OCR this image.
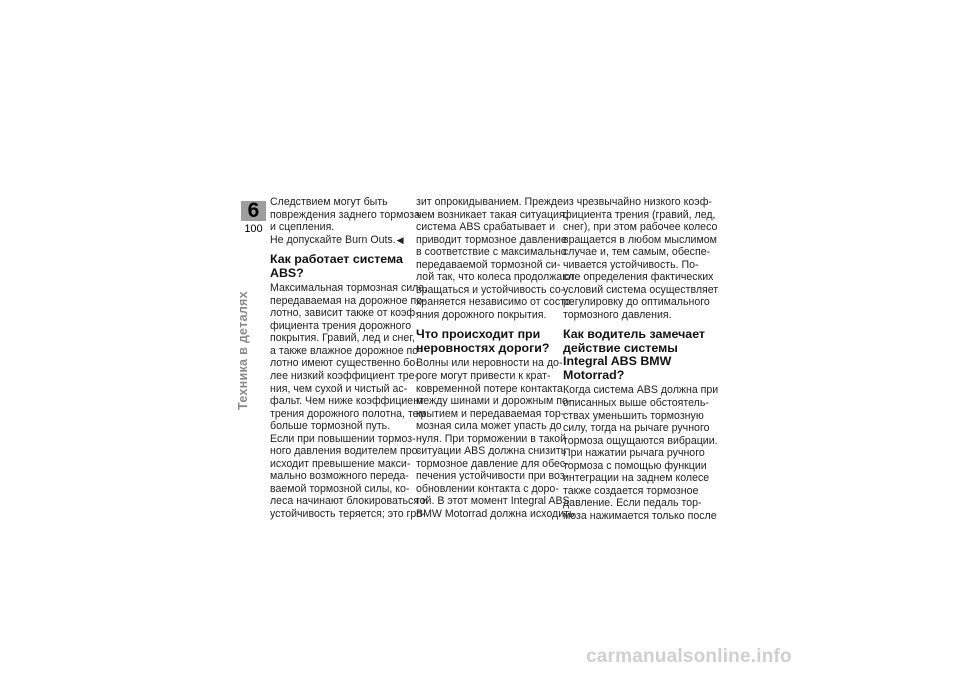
6
100
Техника в деталях
Следствием могут быть
повреждения заднего тормоза
и сцепления.
Не допускайте Burn Outs.◀
Как работает система
ABS?
Максимальная тормозная сила,
передаваемая на дорожное по-
лотно, зависит также от коэф-
фициента трения дорожного
покрытия. Гравий, лед и снег,
а также влажное дорожное по-
лотно имеют существенно бо-
лее низкий коэффициент тре-
ния, чем сухой и чистый ас-
фальт. Чем ниже коэффициент
трения дорожного полотна, тем
больше тормозной путь.
Если при повышении тормоз-
ного давления водителем про-
исходит превышение макси-
мально возможного переда-
ваемой тормозной силы, ко-
леса начинают блокироваться и
устойчивость теряется; это гро-
зит опрокидыванием. Прежде
чем возникает такая ситуация,
система ABS срабатывает и
приводит тормозное давление
в соответствие с максимально
передаваемой тормозной си-
лой так, что колеса продолжают
вращаться и устойчивость со-
храняется независимо от состо-
яния дорожного покрытия.
Что происходит при
неровностях дороги?
Волны или неровности на до-
роге могут привести к крат-
ковременной потере контакта
между шинами и дорожным по-
крытием и передаваемая тор-
мозная сила может упасть до
нуля. При торможении в такой
ситуации ABS должна снизить
тормозное давление для обес-
печения устойчивости при воз-
обновлении контакта с доро-
гой. В этот момент Integral ABS
BMW Motorrad должна исходить
из чрезвычайно низкого коэф-
фициента трения (гравий, лед,
снег), при этом рабочее колесо
вращается в любом мыслимом
случае и, тем самым, обеспе-
чивается устойчивость. По-
сле определения фактических
условий система осуществляет
регулировку до оптимального
тормозного давления.
Как водитель замечает
действие системы
Integral ABS BMW
Motorrad?
Когда система ABS должна при
описанных выше обстоятель-
ствах уменьшить тормозную
силу, тогда на рычаге ручного
тормоза ощущаются вибрации.
При нажатии рычага ручного
тормоза с помощью функции
интеграции на заднем колесе
также создается тормозное
давление. Если педаль тор-
моза нажимается только после
carmanualsonline.info
